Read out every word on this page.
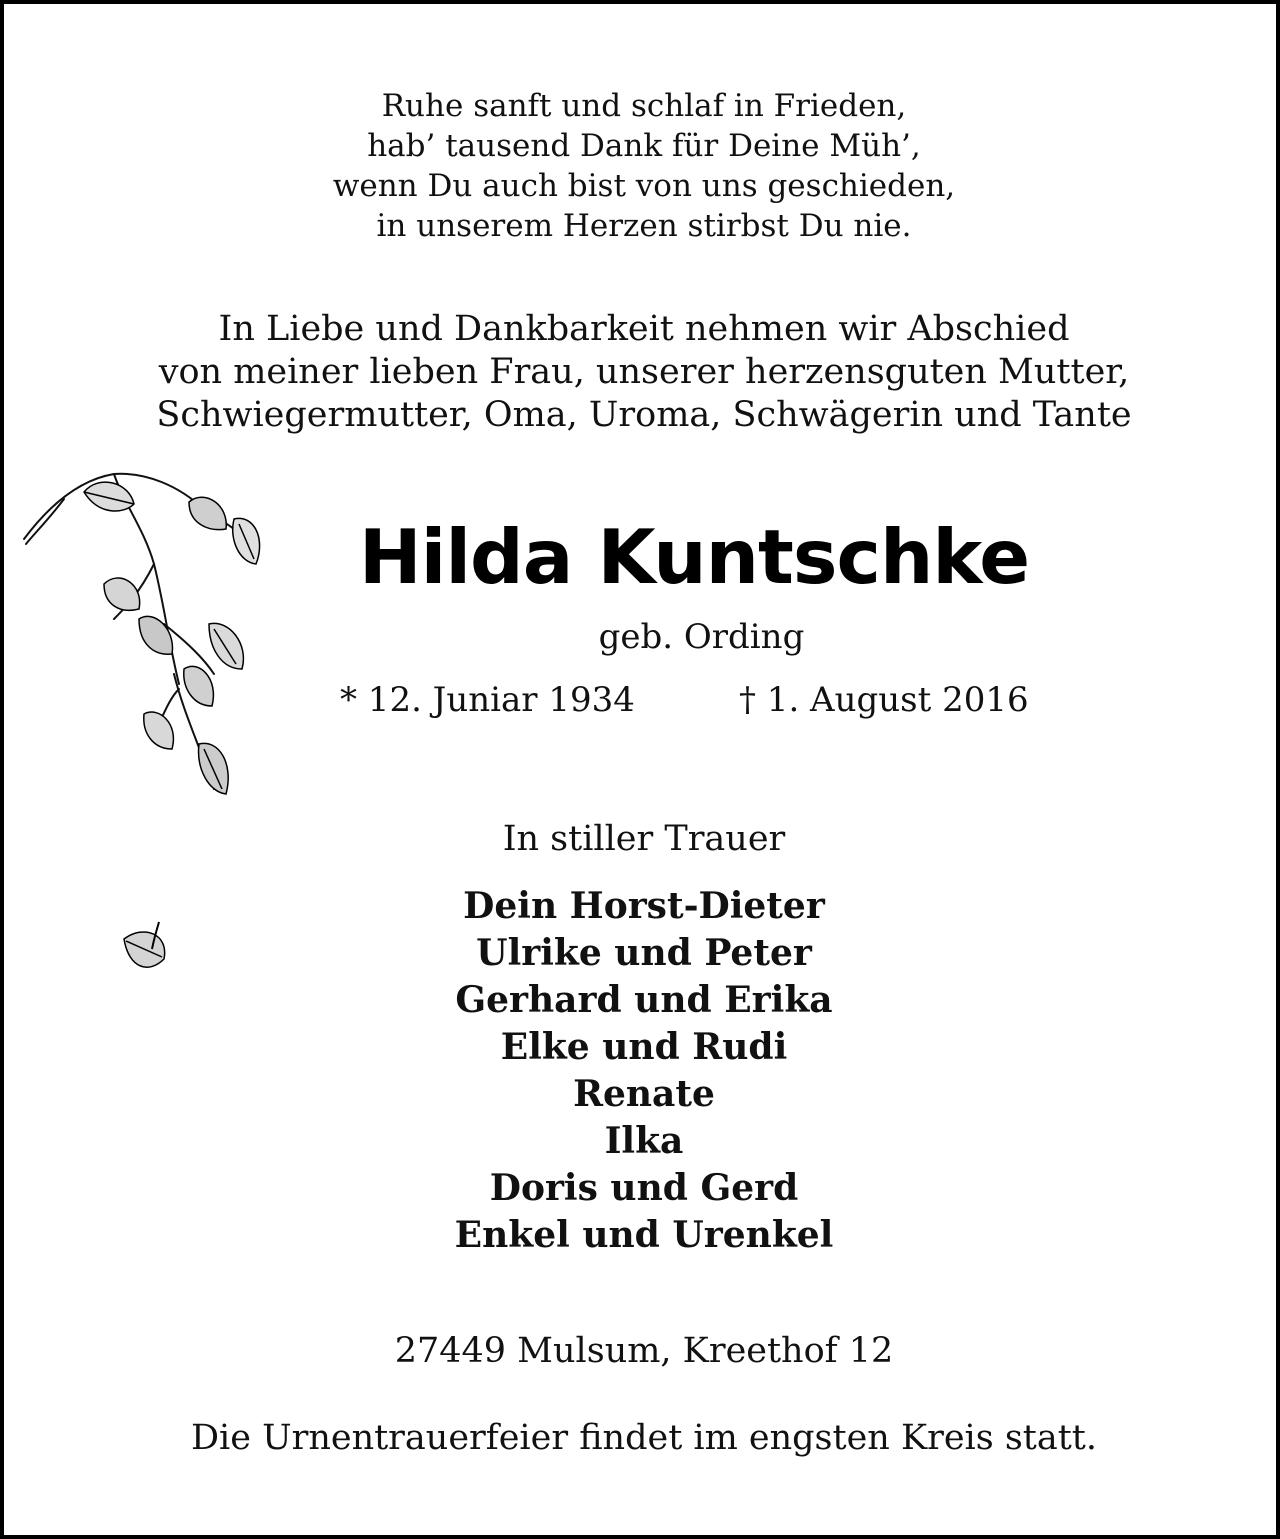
Ruhe sanft und schlaf in Frieden,
hab’ tausend Dank für Deine Müh’,
wenn Du auch bist von uns geschieden,
in unserem Herzen stirbst Du nie.
In Liebe und Dankbarkeit nehmen wir Abschied
von meiner lieben Frau, unserer herzensguten Mutter,
Schwiegermutter, Oma, Uroma, Schwägerin und Tante
Hilda Kuntschke
geb. Ording
* 12. Juniar 1934	† 1. August 2016
In stiller Trauer
Dein Horst-Dieter
Ulrike und Peter
Gerhard und Erika
Elke und Rudi
Renate
Ilka
Doris und Gerd
Enkel und Urenkel
27449 Mulsum, Kreethof 12
Die Urnentrauerfeier findet im engsten Kreis statt.
